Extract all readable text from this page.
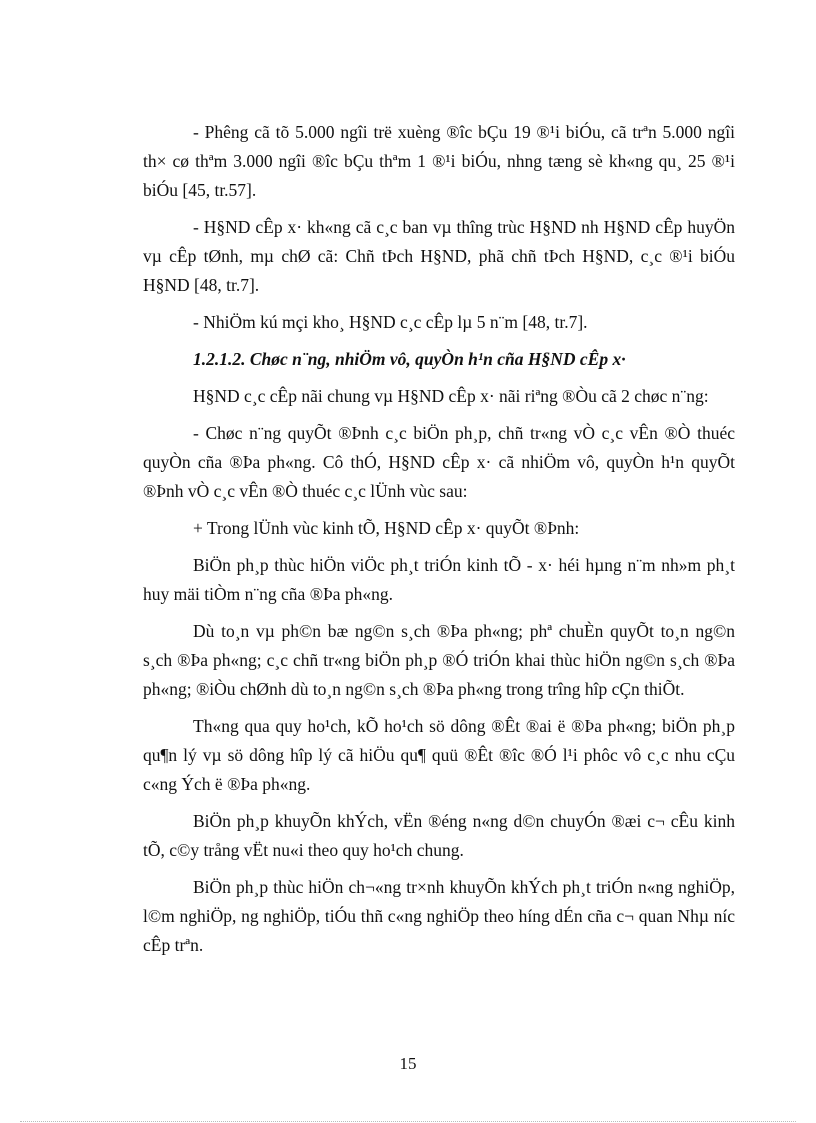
- Phêng cã tõ 5.000 ngîi trë xuèng ®îc bÇu 19 ®¹i biÓu, cã trªn 5.000 ngîi th× cø thªm 3.000 ngîi ®îc bÇu thªm 1 ®¹i biÓu, nhng tæng sè kh«ng qu¸ 25 ®¹i biÓu [45, tr.57].

- H§ND cÊp x· kh«ng cã c¸c ban vµ thîng trùc H§ND nh H§ND cÊp huyÖn vµ cÊp tØnh, mµ chØ cã: Chñ tÞch H§ND, phã chñ tÞch H§ND, c¸c ®¹i biÓu H§ND [48, tr.7].

- NhiÖm kú mçi kho¸ H§ND c¸c cÊp lµ 5 n¨m [48, tr.7].

1.2.1.2. Chøc n¨ng, nhiÖm vô, quyÒn h¹n cña H§ND cÊp x·

H§ND c¸c cÊp nãi chung vµ H§ND cÊp x· nãi riªng ®Òu cã 2 chøc n¨ng:

- Chøc n¨ng quyÕt ®Þnh c¸c biÖn ph¸p, chñ tr«ng vÒ c¸c vÊn ®Ò thuéc quyÒn cña ®Þa ph«ng. Cô thÓ, H§ND cÊp x· cã nhiÖm vô, quyÒn h¹n quyÕt ®Þnh vÒ c¸c vÊn ®Ò thuéc c¸c lÜnh vùc sau:

+ Trong lÜnh vùc kinh tÕ, H§ND cÊp x· quyÕt ®Þnh:

BiÖn ph¸p thùc hiÖn viÖc ph¸t triÓn kinh tÕ - x· héi hµng n¨m nh»m ph¸t huy mäi tiÒm n¨ng cña ®Þa ph«ng.

Dù to¸n vµ ph©n bæ ng©n s¸ch ®Þa ph«ng; phª chuÈn quyÕt to¸n ng©n s¸ch ®Þa ph«ng; c¸c chñ tr«ng biÖn ph¸p ®Ó triÓn khai thùc hiÖn ng©n s¸ch ®Þa ph«ng; ®iÒu chØnh dù to¸n ng©n s¸ch ®Þa ph«ng trong trîng hîp cÇn thiÕt.

Th«ng qua quy ho¹ch, kÕ ho¹ch sö dông ®Êt ®ai ë ®Þa ph«ng; biÖn ph¸p qu¶n lý vµ sö dông hîp lý cã hiÖu qu¶ quü ®Êt ®îc ®Ó l¹i phôc vô c¸c nhu cÇu c«ng Ých ë ®Þa ph«ng.

BiÖn ph¸p khuyÕn khÝch, vËn ®éng n«ng d©n chuyÓn ®æi c¬ cÊu kinh tÕ, c©y trång vËt nu«i theo quy ho¹ch chung.

BiÖn ph¸p thùc hiÖn ch¬«ng tr×nh khuyÕn khÝch ph¸t triÓn n«ng nghiÖp, l©m nghiÖp, ng nghiÖp, tiÓu thñ c«ng nghiÖp theo híng dÉn cña c¬ quan Nhµ níc cÊp trªn.

15
